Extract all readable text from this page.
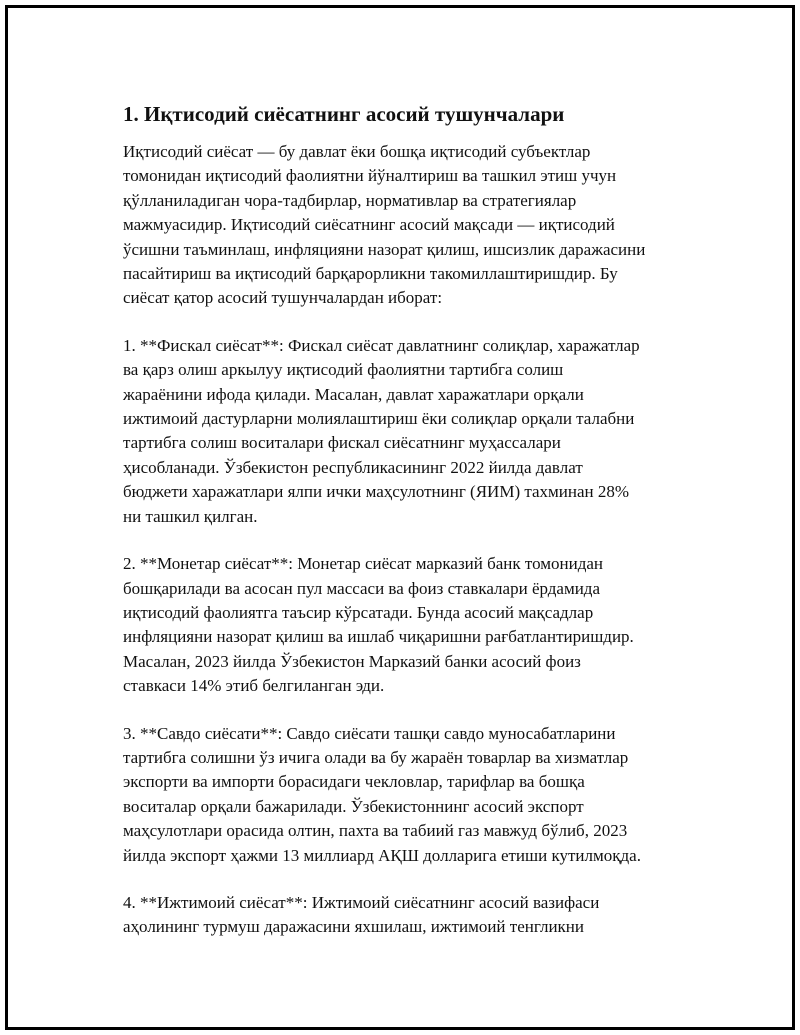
1. Иқтисодий сиёсатнинг асосий тушунчалари

Иқтисодий сиёсат — бу давлат ёки бошқа иқтисодий субъектлар
томонидан иқтисодий фаолиятни йўналтириш ва ташкил этиш учун
қўлланиладиган чора-тадбирлар, нормативлар ва стратегиялар
мажмуасидир. Иқтисодий сиёсатнинг асосий мақсади — иқтисодий
ўсишни таъминлаш, инфляцияни назорат қилиш, ишсизлик даражасини
пасайтириш ва иқтисодий барқарорликни такомиллаштиришдир. Бу
сиёсат қатор асосий тушунчалардан иборат:

1. **Фискал сиёсат**: Фискал сиёсат давлатнинг солиқлар, харажатлар
ва қарз олиш аркылуу иқтисодий фаолиятни тартибга солиш
жараёнини ифода қилади. Масалан, давлат харажатлари орқали
ижтимоий дастурларни молиялаштириш ёки солиқлар орқали талабни
тартибга солиш воситалари фискал сиёсатнинг муҳассалари
ҳисобланади. Ўзбекистон республикасининг 2022 йилда давлат
бюджети харажатлари ялпи ички маҳсулотнинг (ЯИМ) тахминан 28%
ни ташкил қилган.

2. **Монетар сиёсат**: Монетар сиёсат марказий банк томонидан
бошқарилади ва асосан пул массаси ва фоиз ставкалари ёрдамида
иқтисодий фаолиятга таъсир кўрсатади. Бунда асосий мақсадлар
инфляцияни назорат қилиш ва ишлаб чиқаришни рағбатлантиришдир.
Масалан, 2023 йилда Ўзбекистон Марказий банки асосий фоиз
ставкаси 14% этиб белгиланган эди.

3. **Савдо сиёсати**: Савдо сиёсати ташқи савдо муносабатларини
тартибга солишни ўз ичига олади ва бу жараён товарлар ва хизматлар
экспорти ва импорти борасидаги чекловлар, тарифлар ва бошқа
воситалар орқали бажарилади. Ўзбекистоннинг асосий экспорт
маҳсулотлари орасида олтин, пахта ва табиий газ мавжуд бўлиб, 2023
йилда экспорт ҳажми 13 миллиард АҚШ долларига етиши кутилмоқда.

4. **Ижтимоий сиёсат**: Ижтимоий сиёсатнинг асосий вазифаси
аҳолининг турмуш даражасини яхшилаш, ижтимоий тенгликни
